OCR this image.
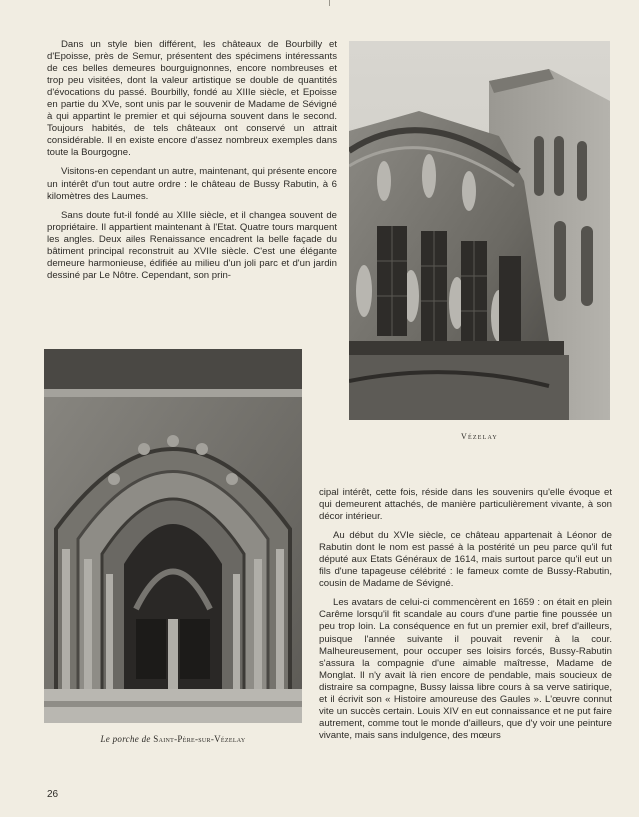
Dans un style bien différent, les châteaux de Bourbilly et d'Epoisse, près de Semur, présentent des spécimens intéressants de ces belles demeures bourguignonnes, encore nombreuses et trop peu visitées, dont la valeur artistique se double de quantités d'évocations du passé. Bourbilly, fondé au XIIIe siècle, et Epoisse en partie du XVe, sont unis par le souvenir de Madame de Sévigné à qui appartint le premier et qui séjourna souvent dans le second. Toujours habités, de tels châteaux ont conservé un attrait considérable. Il en existe encore d'assez nombreux exemples dans toute la Bourgogne.

Visitons-en cependant un autre, maintenant, qui présente encore un intérêt d'un tout autre ordre : le château de Bussy Rabutin, à 6 kilomètres des Laumes.

Sans doute fut-il fondé au XIIIe siècle, et il changea souvent de propriétaire. Il appartient maintenant à l'Etat. Quatre tours marquent les angles. Deux ailes Renaissance encadrent la belle façade du bâtiment principal reconstruit au XVIIe siècle. C'est une élégante demeure harmonieuse, édifiée au milieu d'un joli parc et d'un jardin dessiné par Le Nôtre. Cependant, son prin-

Vézelay
Le porche de Saint-Père-sur-Vézelay

cipal intérêt, cette fois, réside dans les souvenirs qu'elle évoque et qui demeurent attachés, de manière particulièrement vivante, à son décor intérieur.

Au début du XVIe siècle, ce château appartenait à Léonor de Rabutin dont le nom est passé à la postérité un peu parce qu'il fut député aux Etats Généraux de 1614, mais surtout parce qu'il eut un fils d'une tapageuse célébrité : le fameux comte de Bussy-Rabutin, cousin de Madame de Sévigné.

Les avatars de celui-ci commencèrent en 1659 : on était en plein Carême lorsqu'il fit scandale au cours d'une partie fine poussée un peu trop loin. La conséquence en fut un premier exil, bref d'ailleurs, puisque l'année suivante il pouvait revenir à la cour. Malheureusement, pour occuper ses loisirs forcés, Bussy-Rabutin s'assura la compagnie d'une aimable maîtresse, Madame de Monglat. Il n'y avait là rien encore de pendable, mais soucieux de distraire sa compagne, Bussy laissa libre cours à sa verve satirique, et il écrivit son « Histoire amoureuse des Gaules ». L'œuvre connut vite un succès certain. Louis XIV en eut connaissance et ne put faire autrement, comme tout le monde d'ailleurs, que d'y voir une peinture vivante, mais sans indulgence, des mœurs

26
